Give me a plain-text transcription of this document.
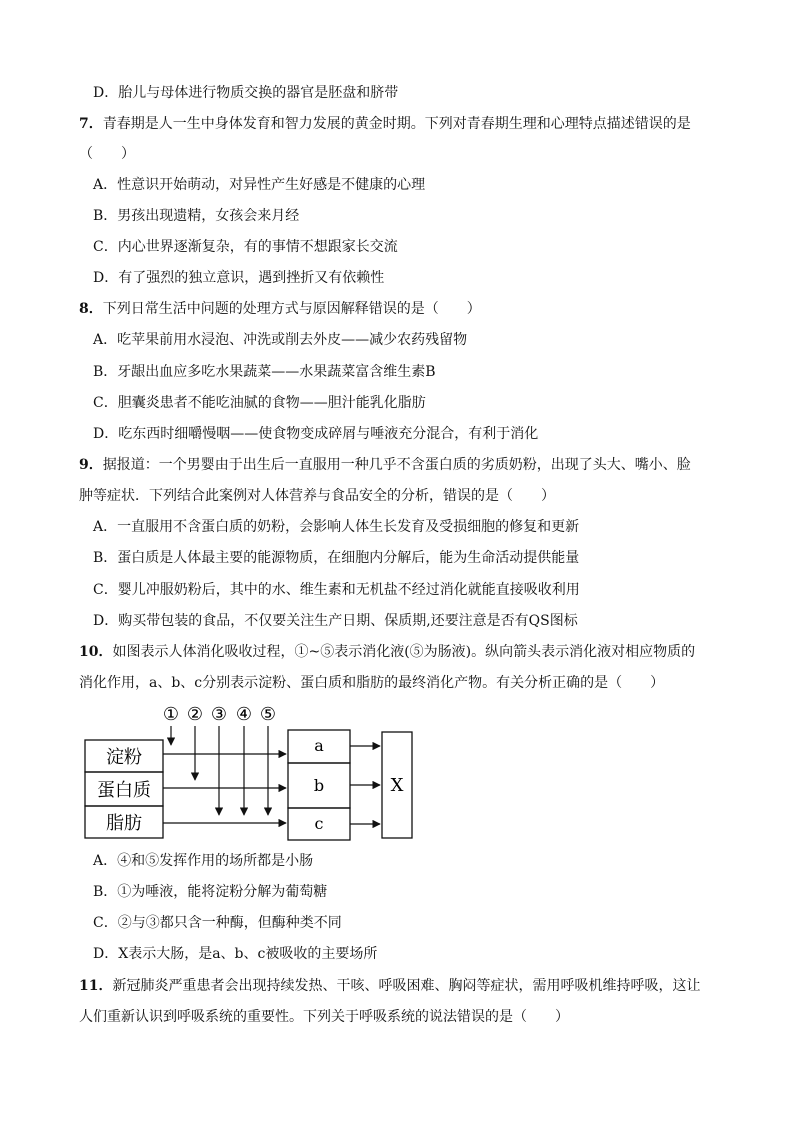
D．胎儿与母体进行物质交换的器官是胚盘和脐带
7．青春期是人一生中身体发育和智力发展的黄金时期。下列对青春期生理和心理特点描述错误的是
（　　）
A．性意识开始萌动，对异性产生好感是不健康的心理
B．男孩出现遗精，女孩会来月经
C．内心世界逐渐复杂，有的事情不想跟家长交流
D．有了强烈的独立意识，遇到挫折又有依赖性
8．下列日常生活中问题的处理方式与原因解释错误的是（　　）
A．吃苹果前用水浸泡、冲洗或削去外皮——减少农药残留物
B．牙龈出血应多吃水果蔬菜——水果蔬菜富含维生素B
C．胆囊炎患者不能吃油腻的食物——胆汁能乳化脂肪
D．吃东西时细嚼慢咽——使食物变成碎屑与唾液充分混合，有利于消化
9．据报道：一个男婴由于出生后一直服用一种几乎不含蛋白质的劣质奶粉，出现了头大、嘴小、脸
肿等症状．下列结合此案例对人体营养与食品安全的分析，错误的是（　　）
A．一直服用不含蛋白质的奶粉，会影响人体生长发育及受损细胞的修复和更新
B．蛋白质是人体最主要的能源物质，在细胞内分解后，能为生命活动提供能量
C．婴儿冲服奶粉后，其中的水、维生素和无机盐不经过消化就能直接吸收利用
D．购买带包装的食品，不仅要关注生产日期、保质期,还要注意是否有QS图标
10．如图表示人体消化吸收过程，①~⑤表示消化液(⑤为肠液)。纵向箭头表示消化液对相应物质的
消化作用，a、b、c分别表示淀粉、蛋白质和脂肪的最终消化产物。有关分析正确的是（　　）
① ② ③ ④ ⑤
淀粉
蛋白质
脂肪
a
b
c
X
A．④和⑤发挥作用的场所都是小肠
B．①为唾液，能将淀粉分解为葡萄糖
C．②与③都只含一种酶，但酶种类不同
D．X表示大肠，是a、b、c被吸收的主要场所
11．新冠肺炎严重患者会出现持续发热、干咳、呼吸困难、胸闷等症状，需用呼吸机维持呼吸，这让
人们重新认识到呼吸系统的重要性。下列关于呼吸系统的说法错误的是（　　）
